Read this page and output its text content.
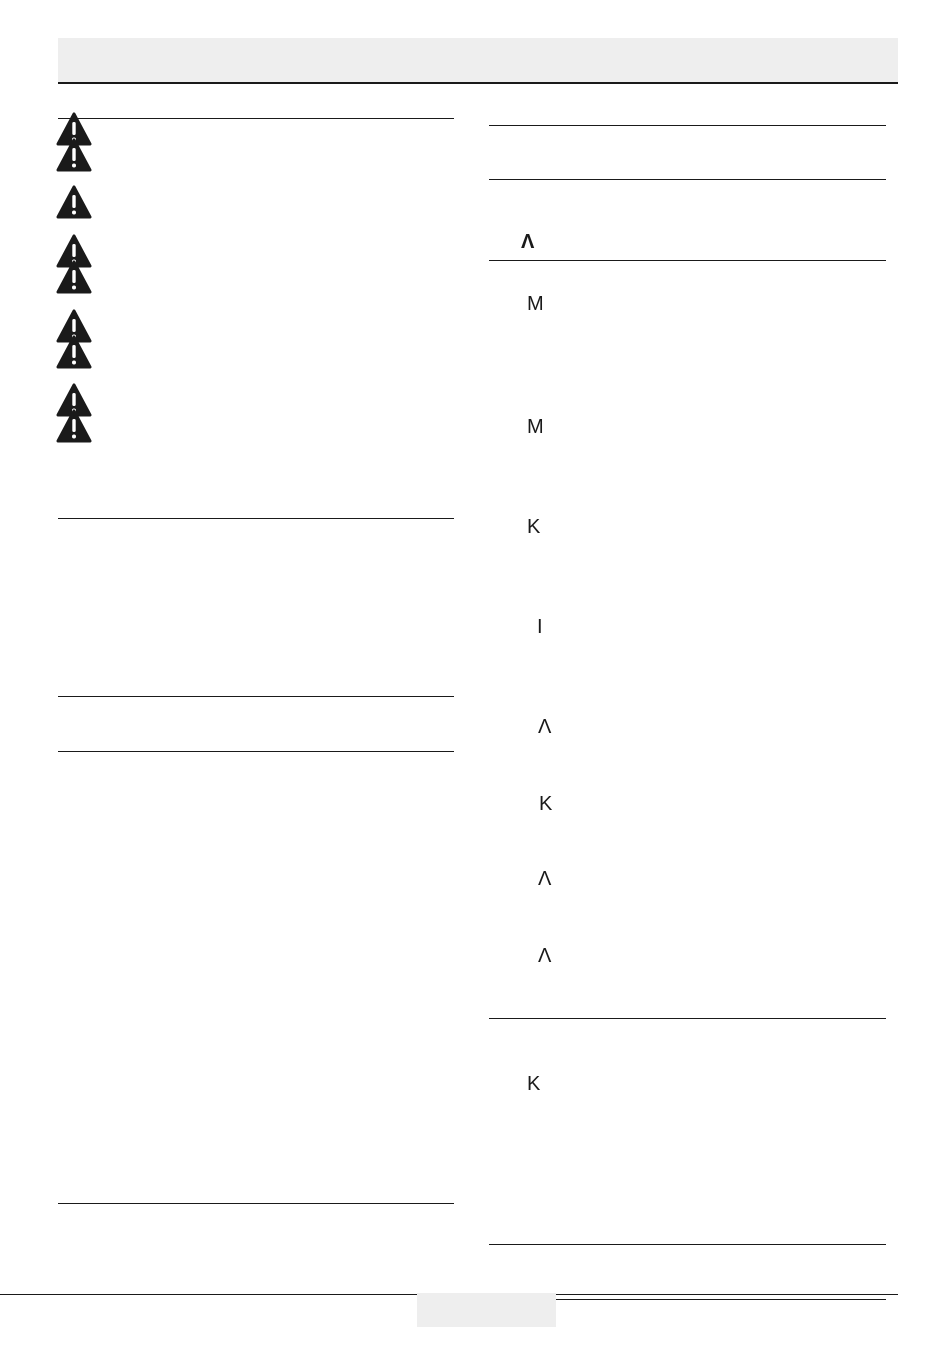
Λ
M
M
K
I
Λ
K
Λ
Λ
K
